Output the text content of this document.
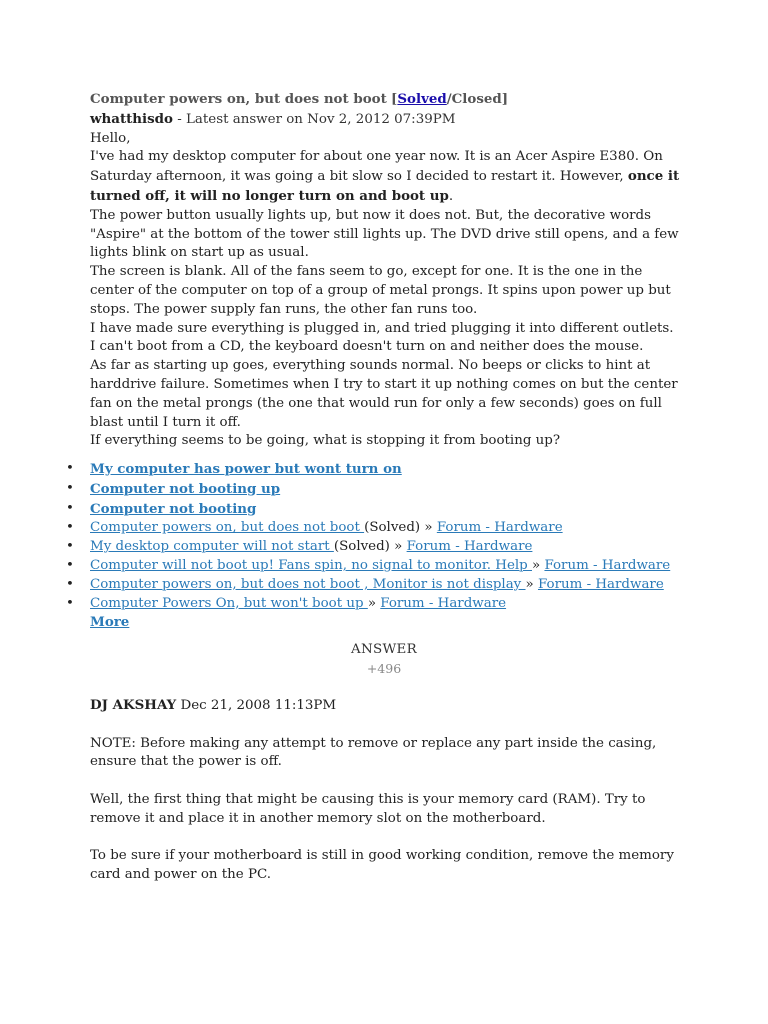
Computer powers on, but does not boot [Solved/Closed]
whatthisdo - Latest answer on Nov 2, 2012 07:39PM

Hello,

I've had my desktop computer for about one year now. It is an Acer Aspire E380. On Saturday afternoon, it was going a bit slow so I decided to restart it. However, once it turned off, it will no longer turn on and boot up.

The power button usually lights up, but now it does not. But, the decorative words "Aspire" at the bottom of the tower still lights up. The DVD drive still opens, and a few lights blink on start up as usual.

The screen is blank. All of the fans seem to go, except for one. It is the one in the center of the computer on top of a group of metal prongs. It spins upon power up but stops. The power supply fan runs, the other fan runs too.

I have made sure everything is plugged in, and tried plugging it into different outlets. I can't boot from a CD, the keyboard doesn't turn on and neither does the mouse.

As far as starting up goes, everything sounds normal. No beeps or clicks to hint at harddrive failure. Sometimes when I try to start it up nothing comes on but the center fan on the metal prongs (the one that would run for only a few seconds) goes on full blast until I turn it off.

If everything seems to be going, what is stopping it from booting up?

• My computer has power but wont turn on
• Computer not booting up
• Computer not booting
• Computer powers on, but does not boot (Solved) » Forum - Hardware
• My desktop computer will not start (Solved) » Forum - Hardware
• Computer will not boot up! Fans spin, no signal to monitor. Help » Forum - Hardware
• Computer powers on, but does not boot , Monitor is not display » Forum - Hardware
• Computer Powers On, but won't boot up » Forum - Hardware
More
ANSWER
+496

DJ AKSHAY Dec 21, 2008 11:13PM

NOTE: Before making any attempt to remove or replace any part inside the casing, ensure that the power is off.

Well, the first thing that might be causing this is your memory card (RAM). Try to remove it and place it in another memory slot on the motherboard.

To be sure if your motherboard is still in good working condition, remove the memory card and power on the PC.
